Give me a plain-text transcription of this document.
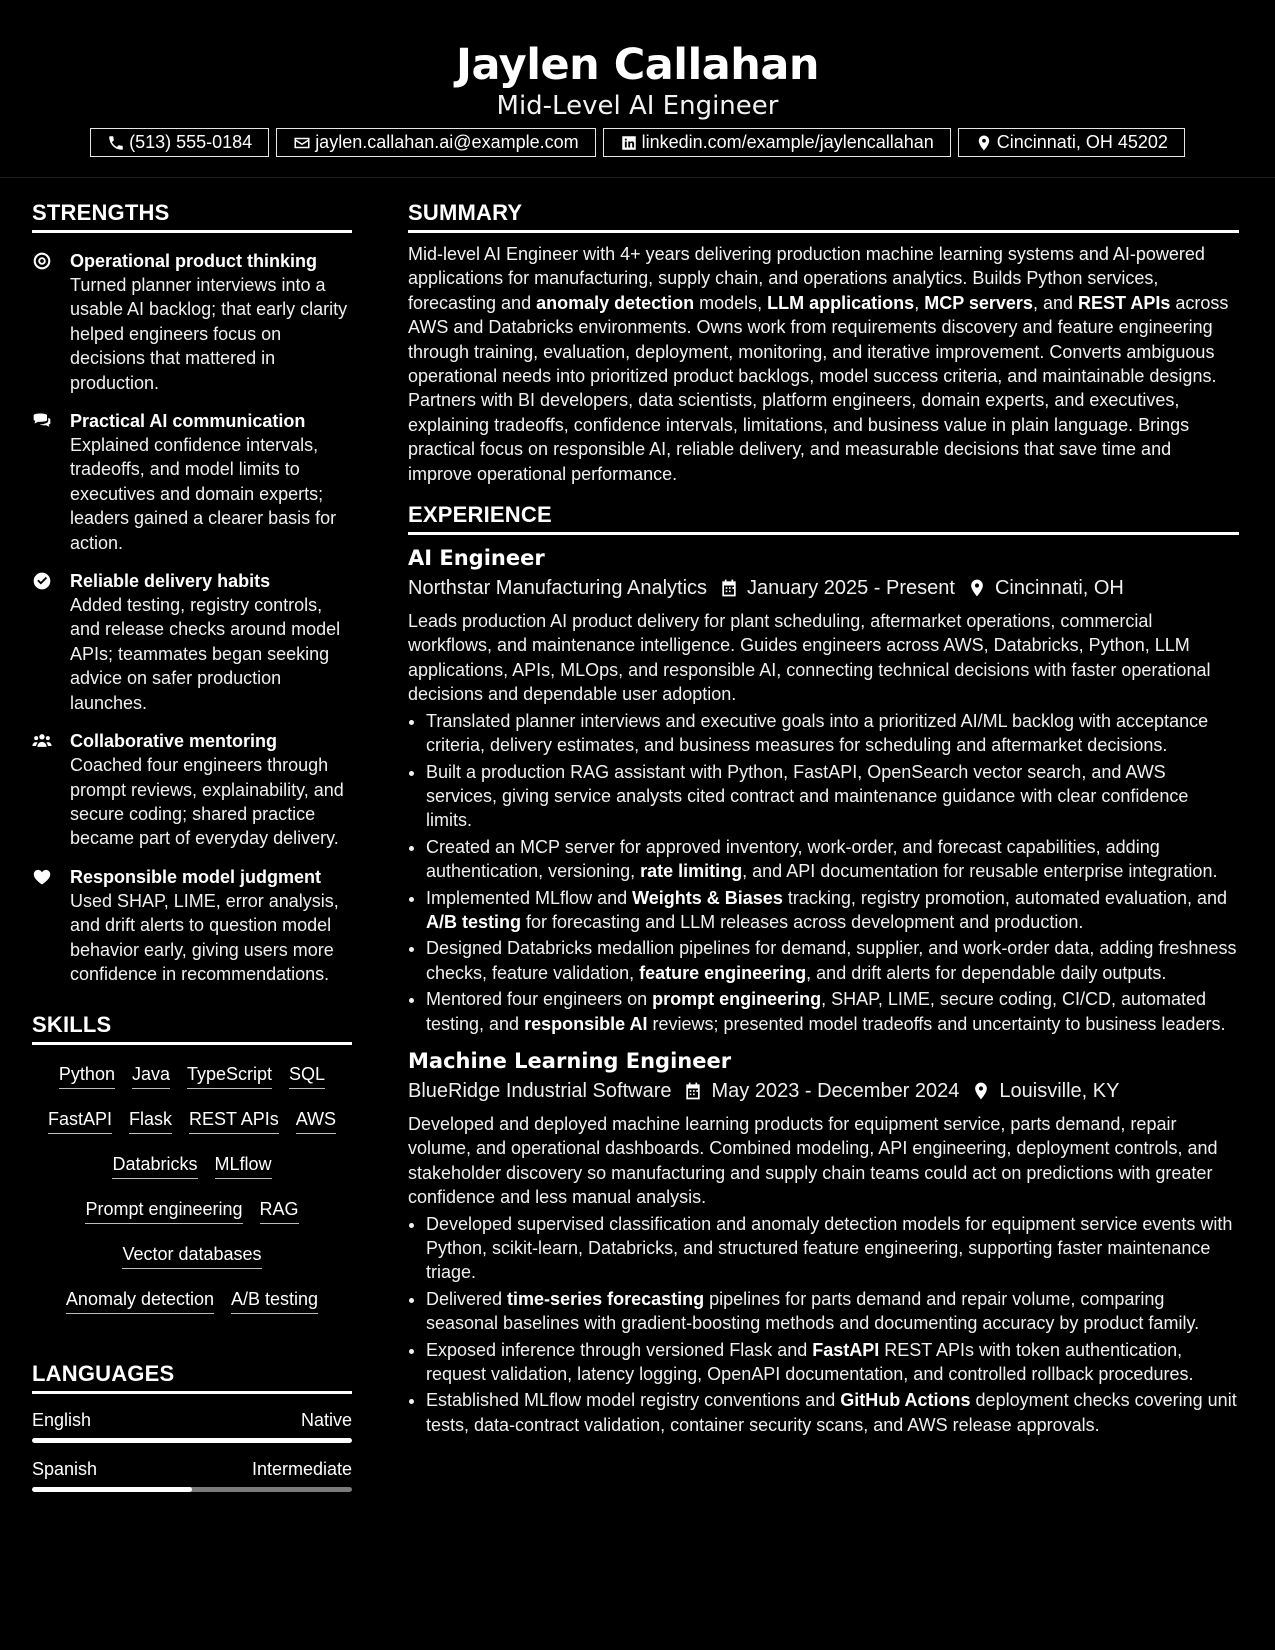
Jaylen Callahan
Mid-Level AI Engineer
(513) 555-0184	jaylen.callahan.ai@example.com	linkedin.com/example/jaylencallahan	Cincinnati, OH 45202
STRENGTHS
Operational product thinking
Turned planner interviews into a usable AI backlog; that early clarity helped engineers focus on decisions that mattered in production.
Practical AI communication
Explained confidence intervals, tradeoffs, and model limits to executives and domain experts; leaders gained a clearer basis for action.
Reliable delivery habits
Added testing, registry controls, and release checks around model APIs; teammates began seeking advice on safer production launches.
Collaborative mentoring
Coached four engineers through prompt reviews, explainability, and secure coding; shared practice became part of everyday delivery.
Responsible model judgment
Used SHAP, LIME, error analysis, and drift alerts to question model behavior early, giving users more confidence in recommendations.
SKILLS
Python Java TypeScript SQL
FastAPI Flask REST APIs AWS
Databricks MLflow
Prompt engineering RAG
Vector databases
Anomaly detection A/B testing
LANGUAGES
English	Native
Spanish	Intermediate
SUMMARY
Mid-level AI Engineer with 4+ years delivering production machine learning systems and AI-powered applications for manufacturing, supply chain, and operations analytics. Builds Python services, forecasting and anomaly detection models, LLM applications, MCP servers, and REST APIs across AWS and Databricks environments. Owns work from requirements discovery and feature engineering through training, evaluation, deployment, monitoring, and iterative improvement. Converts ambiguous operational needs into prioritized product backlogs, model success criteria, and maintainable designs. Partners with BI developers, data scientists, platform engineers, domain experts, and executives, explaining tradeoffs, confidence intervals, limitations, and business value in plain language. Brings practical focus on responsible AI, reliable delivery, and measurable decisions that save time and improve operational performance.
EXPERIENCE
AI Engineer
Northstar Manufacturing Analytics January 2025 - Present Cincinnati, OH
Leads production AI product delivery for plant scheduling, aftermarket operations, commercial workflows, and maintenance intelligence. Guides engineers across AWS, Databricks, Python, LLM applications, APIs, MLOps, and responsible AI, connecting technical decisions with faster operational decisions and dependable user adoption.
• Translated planner interviews and executive goals into a prioritized AI/ML backlog with acceptance criteria, delivery estimates, and business measures for scheduling and aftermarket decisions.
• Built a production RAG assistant with Python, FastAPI, OpenSearch vector search, and AWS services, giving service analysts cited contract and maintenance guidance with clear confidence limits.
• Created an MCP server for approved inventory, work-order, and forecast capabilities, adding authentication, versioning, rate limiting, and API documentation for reusable enterprise integration.
• Implemented MLflow and Weights & Biases tracking, registry promotion, automated evaluation, and A/B testing for forecasting and LLM releases across development and production.
• Designed Databricks medallion pipelines for demand, supplier, and work-order data, adding freshness checks, feature validation, feature engineering, and drift alerts for dependable daily outputs.
• Mentored four engineers on prompt engineering, SHAP, LIME, secure coding, CI/CD, automated testing, and responsible AI reviews; presented model tradeoffs and uncertainty to business leaders.
Machine Learning Engineer
BlueRidge Industrial Software May 2023 - December 2024 Louisville, KY
Developed and deployed machine learning products for equipment service, parts demand, repair volume, and operational dashboards. Combined modeling, API engineering, deployment controls, and stakeholder discovery so manufacturing and supply chain teams could act on predictions with greater confidence and less manual analysis.
• Developed supervised classification and anomaly detection models for equipment service events with Python, scikit-learn, Databricks, and structured feature engineering, supporting faster maintenance triage.
• Delivered time-series forecasting pipelines for parts demand and repair volume, comparing seasonal baselines with gradient-boosting methods and documenting accuracy by product family.
• Exposed inference through versioned Flask and FastAPI REST APIs with token authentication, request validation, latency logging, OpenAPI documentation, and controlled rollback procedures.
• Established MLflow model registry conventions and GitHub Actions deployment checks covering unit tests, data-contract validation, container security scans, and AWS release approvals.
